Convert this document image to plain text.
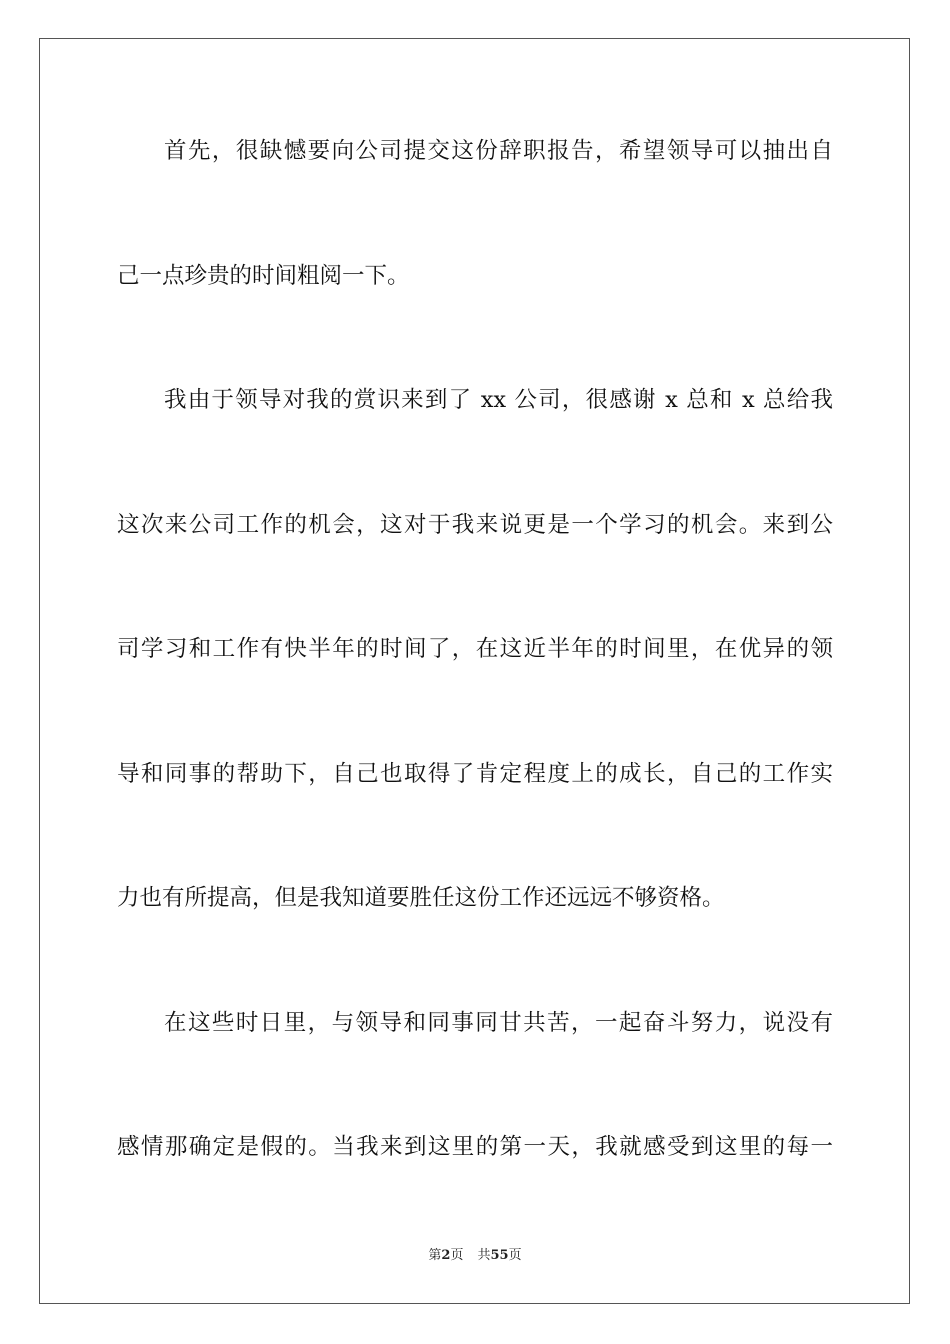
首先，很缺憾要向公司提交这份辞职报告，希望领导可以抽出自
己一点珍贵的时间粗阅一下。
我由于领导对我的赏识来到了 xx 公司，很感谢 x 总和 x 总给我
这次来公司工作的机会，这对于我来说更是一个学习的机会。来到公
司学习和工作有快半年的时间了，在这近半年的时间里，在优异的领
导和同事的帮助下，自己也取得了肯定程度上的成长，自己的工作实
力也有所提高，但是我知道要胜任这份工作还远远不够资格。
在这些时日里，与领导和同事同甘共苦，一起奋斗努力，说没有
感情那确定是假的。当我来到这里的第一天，我就感受到这里的每一
第2页 共55页
